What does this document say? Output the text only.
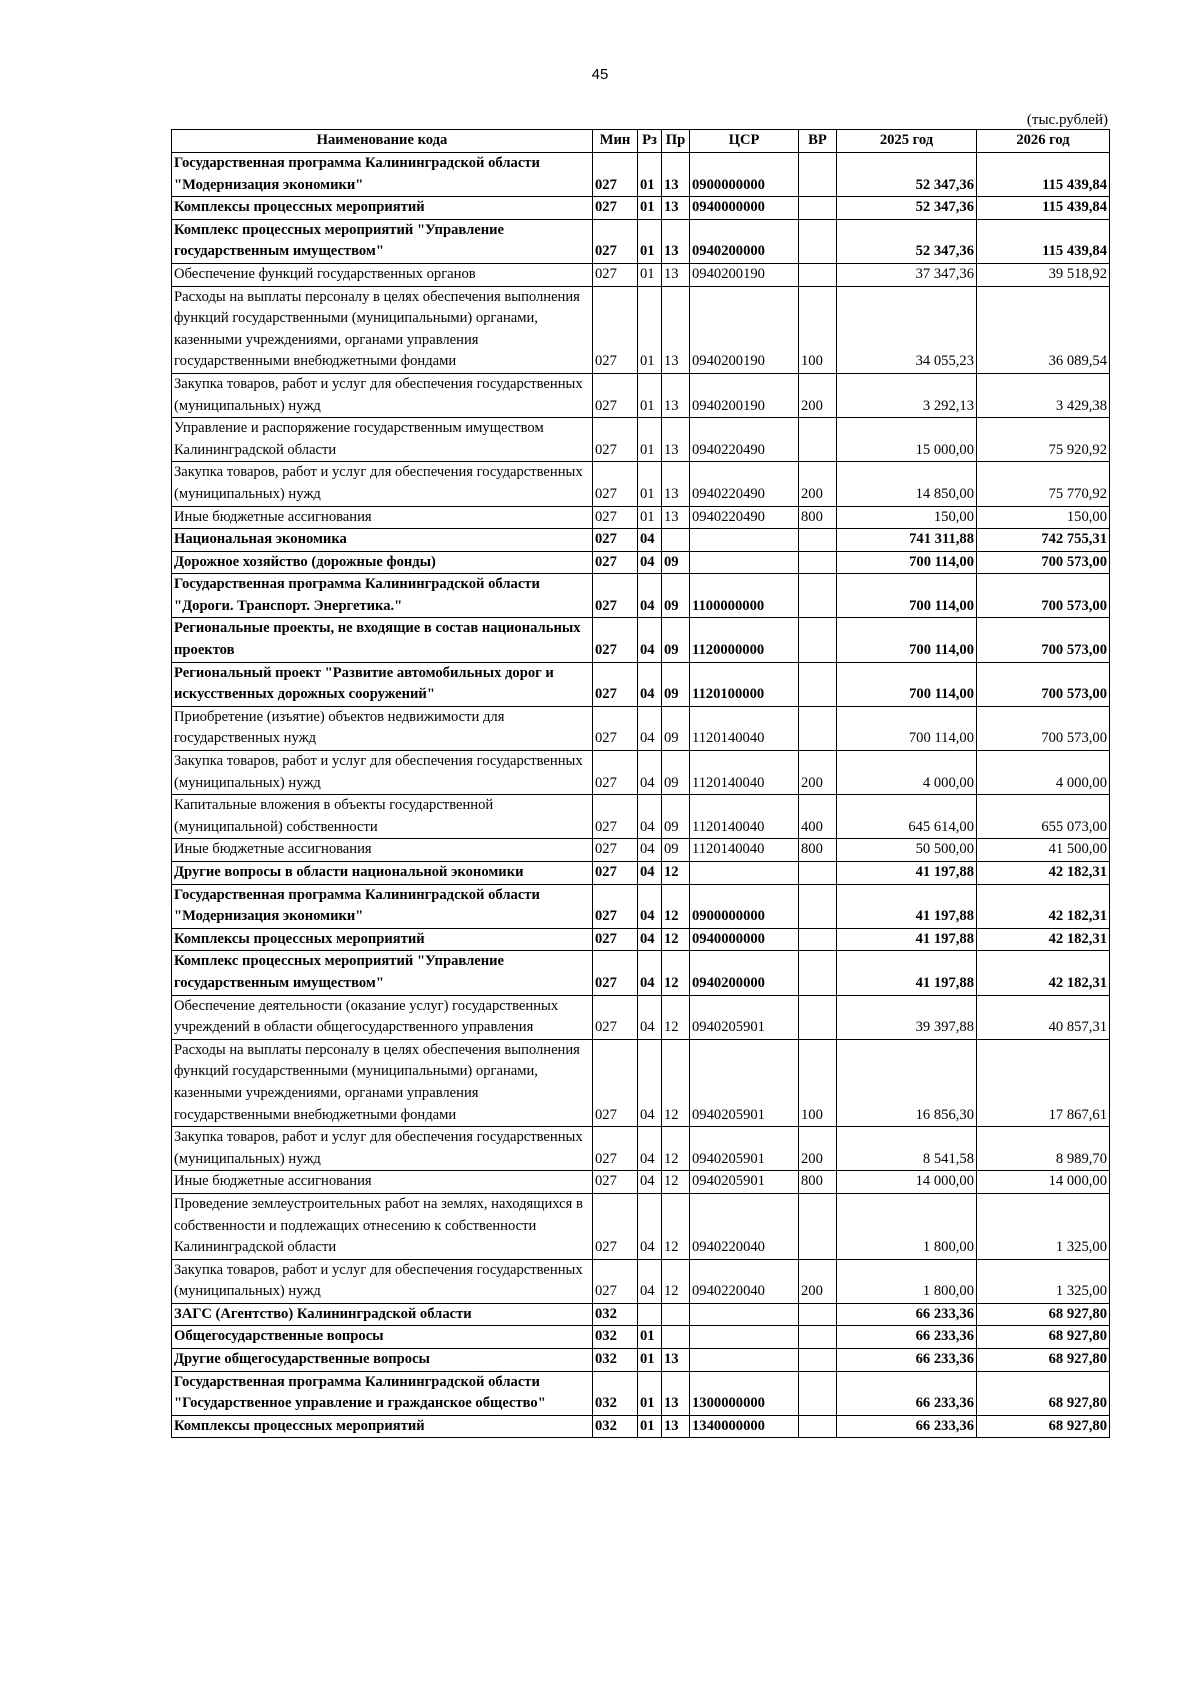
45
(тыс.рублей)
Наименование кода	Мин	Рз	Пр	ЦСР	ВР	2025 год	2026 год
Государственная программа Калининградской области "Модернизация экономики"	027	01	13	0900000000		52 347,36	115 439,84
Комплексы процессных мероприятий	027	01	13	0940000000		52 347,36	115 439,84
Комплекс процессных мероприятий "Управление государственным имуществом"	027	01	13	0940200000		52 347,36	115 439,84
Обеспечение функций государственных органов	027	01	13	0940200190		37 347,36	39 518,92
Расходы на выплаты персоналу в целях обеспечения выполнения функций государственными (муниципальными) органами, казенными учреждениями, органами управления государственными внебюджетными фондами	027	01	13	0940200190	100	34 055,23	36 089,54
Закупка товаров, работ и услуг для обеспечения государственных (муниципальных) нужд	027	01	13	0940200190	200	3 292,13	3 429,38
Управление и распоряжение государственным имуществом Калининградской области	027	01	13	0940220490		15 000,00	75 920,92
Закупка товаров, работ и услуг для обеспечения государственных (муниципальных) нужд	027	01	13	0940220490	200	14 850,00	75 770,92
Иные бюджетные ассигнования	027	01	13	0940220490	800	150,00	150,00
Национальная экономика	027	04				741 311,88	742 755,31
Дорожное хозяйство (дорожные фонды)	027	04	09			700 114,00	700 573,00
Государственная программа Калининградской области "Дороги. Транспорт. Энергетика."	027	04	09	1100000000		700 114,00	700 573,00
Региональные проекты, не входящие в состав национальных проектов	027	04	09	1120000000		700 114,00	700 573,00
Региональный проект "Развитие автомобильных дорог и искусственных дорожных сооружений"	027	04	09	1120100000		700 114,00	700 573,00
Приобретение (изъятие) объектов недвижимости для государственных нужд	027	04	09	1120140040		700 114,00	700 573,00
Закупка товаров, работ и услуг для обеспечения государственных (муниципальных) нужд	027	04	09	1120140040	200	4 000,00	4 000,00
Капитальные вложения в объекты государственной (муниципальной) собственности	027	04	09	1120140040	400	645 614,00	655 073,00
Иные бюджетные ассигнования	027	04	09	1120140040	800	50 500,00	41 500,00
Другие вопросы в области национальной экономики	027	04	12			41 197,88	42 182,31
Государственная программа Калининградской области "Модернизация экономики"	027	04	12	0900000000		41 197,88	42 182,31
Комплексы процессных мероприятий	027	04	12	0940000000		41 197,88	42 182,31
Комплекс процессных мероприятий "Управление государственным имуществом"	027	04	12	0940200000		41 197,88	42 182,31
Обеспечение деятельности (оказание услуг) государственных учреждений в области общегосударственного управления	027	04	12	0940205901		39 397,88	40 857,31
Расходы на выплаты персоналу в целях обеспечения выполнения функций государственными (муниципальными) органами, казенными учреждениями, органами управления государственными внебюджетными фондами	027	04	12	0940205901	100	16 856,30	17 867,61
Закупка товаров, работ и услуг для обеспечения государственных (муниципальных) нужд	027	04	12	0940205901	200	8 541,58	8 989,70
Иные бюджетные ассигнования	027	04	12	0940205901	800	14 000,00	14 000,00
Проведение землеустроительных работ на землях, находящихся в собственности и подлежащих отнесению к собственности Калининградской области	027	04	12	0940220040		1 800,00	1 325,00
Закупка товаров, работ и услуг для обеспечения государственных (муниципальных) нужд	027	04	12	0940220040	200	1 800,00	1 325,00
ЗАГС (Агентство) Калининградской области	032					66 233,36	68 927,80
Общегосударственные вопросы	032	01				66 233,36	68 927,80
Другие общегосударственные вопросы	032	01	13			66 233,36	68 927,80
Государственная программа Калининградской области "Государственное управление и гражданское общество"	032	01	13	1300000000		66 233,36	68 927,80
Комплексы процессных мероприятий	032	01	13	1340000000		66 233,36	68 927,80
